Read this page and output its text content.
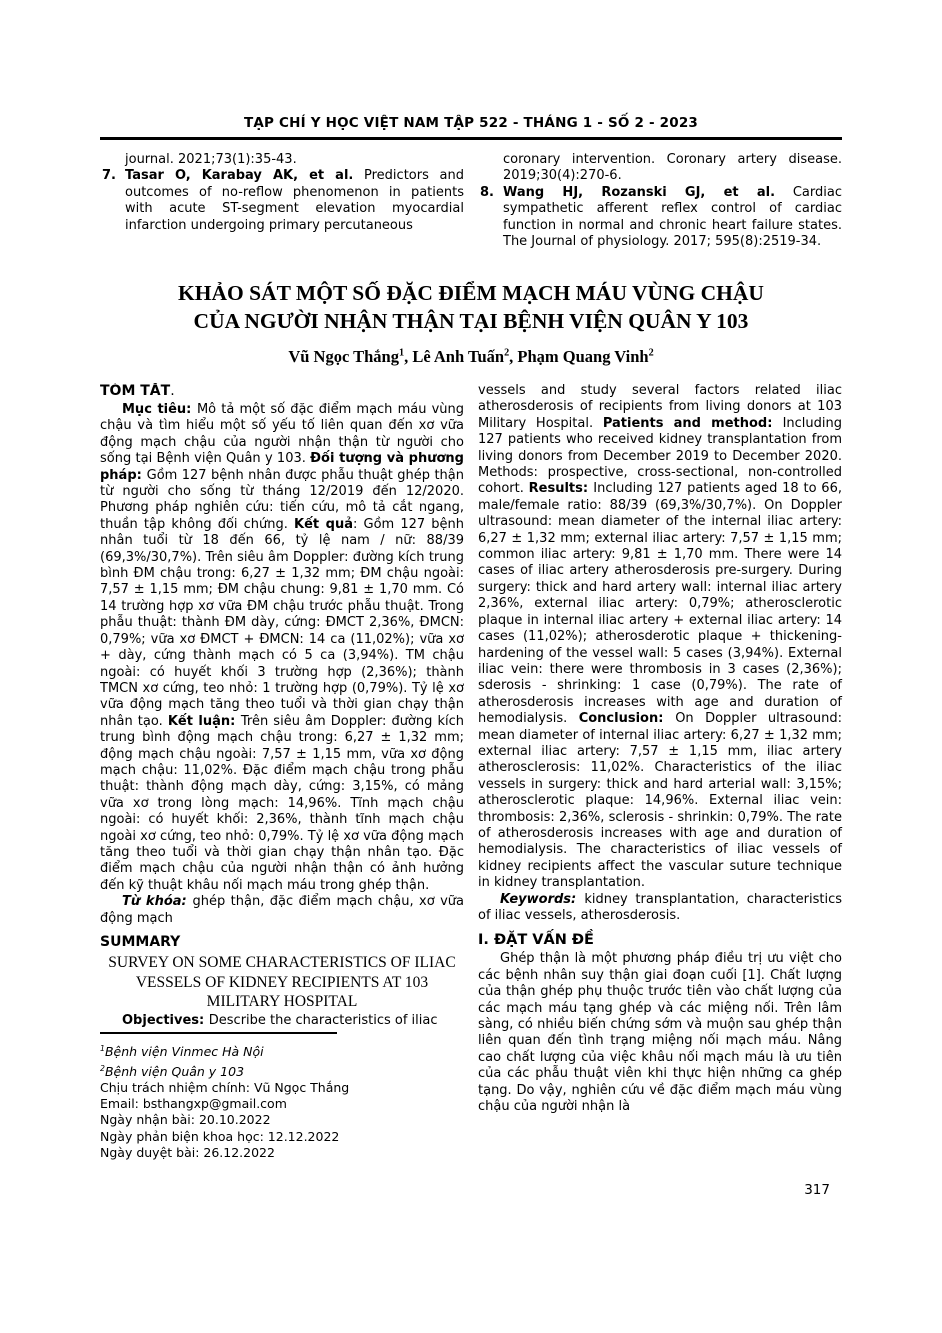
TẠP CHÍ Y HỌC VIỆT NAM TẬP 522 - THÁNG 1 - SỐ 2 - 2023

journal. 2021;73(1):35-43.

7. Tasar O, Karabay AK, et al. Predictors and outcomes of no-reflow phenomenon in patients with acute ST-segment elevation myocardial infarction undergoing primary percutaneous

coronary intervention. Coronary artery disease. 2019;30(4):270-6.

8. Wang HJ, Rozanski GJ, et al. Cardiac sympathetic afferent reflex control of cardiac function in normal and chronic heart failure states. The Journal of physiology. 2017; 595(8):2519-34.

KHẢO SÁT MỘT SỐ ĐẶC ĐIỂM MẠCH MÁU VÙNG CHẬU
CỦA NGƯỜI NHẬN THẬN TẠI BỆNH VIỆN QUÂN Y 103
Vũ Ngọc Thắng$^1$, Lê Anh Tuấn$^2$, Phạm Quang Vinh$^2$
TÓM TẮT.

Mục tiêu: Mô tả một số đặc điểm mạch máu vùng chậu và tìm hiểu một số yếu tố liên quan đến xơ vữa động mạch chậu của người nhận thận từ người cho sống tại Bệnh viện Quân y 103. Đối tượng và phương pháp: Gồm 127 bệnh nhân được phẫu thuật ghép thận từ người cho sống từ tháng 12/2019 đến 12/2020. Phương pháp nghiên cứu: tiến cứu, mô tả cắt ngang, thuần tập không đối chứng. Kết quả: Gồm 127 bệnh nhân tuổi từ 18 đến 66, tỷ lệ nam / nữ: 88/39 (69,3%/30,7%). Trên siêu âm Doppler: đường kích trung bình ĐM chậu trong: 6,27 ± 1,32 mm; ĐM chậu ngoài: 7,57 ± 1,15 mm; ĐM chậu chung: 9,81 ± 1,70 mm. Có 14 trường hợp xơ vữa ĐM chậu trước phẫu thuật. Trong phẫu thuật: thành ĐM dày, cứng: ĐMCT 2,36%, ĐMCN: 0,79%; vữa xơ ĐMCT + ĐMCN: 14 ca (11,02%); vữa xơ + dày, cứng thành mạch có 5 ca (3,94%). TM chậu ngoài: có huyết khối 3 trường hợp (2,36%); thành TMCN xơ cứng, teo nhỏ: 1 trường hợp (0,79%). Tỷ lệ xơ vữa động mạch tăng theo tuổi và thời gian chạy thận nhân tạo. Kết luận: Trên siêu âm Doppler: đường kích trung bình động mạch chậu trong: 6,27 ± 1,32 mm; động mạch chậu ngoài: 7,57 ± 1,15 mm, vữa xơ động mạch chậu: 11,02%. Đặc điểm mạch chậu trong phẫu thuật: thành động mạch dày, cứng: 3,15%, có mảng vữa xơ trong lòng mạch: 14,96%. Tĩnh mạch chậu ngoài: có huyết khối: 2,36%, thành tĩnh mạch chậu ngoài xơ cứng, teo nhỏ: 0,79%. Tỷ lệ xơ vữa động mạch tăng theo tuổi và thời gian chạy thận nhân tạo. Đặc điểm mạch chậu của người nhận thận có ảnh hưởng đến kỹ thuật khâu nối mạch máu trong ghép thận.

Từ khóa: ghép thận, đặc điểm mạch chậu, xơ vữa động mạch

SUMMARY
SURVEY ON SOME CHARACTERISTICS OF ILIAC VESSELS OF KIDNEY RECIPIENTS AT 103 MILITARY HOSPITAL

Objectives: Describe the characteristics of iliac

$^1$Bệnh viện Vinmec Hà Nội

$^2$Bệnh viện Quân y 103

Chịu trách nhiệm chính: Vũ Ngọc Thắng

Email: bsthangxp@gmail.com

Ngày nhận bài: 20.10.2022

Ngày phản biện khoa học: 12.12.2022

Ngày duyệt bài: 26.12.2022

vessels and study several factors related iliac atherosderosis of recipients from living donors at 103 Military Hospital. Patients and method: Including 127 patients who received kidney transplantation from living donors from December 2019 to December 2020. Methods: prospective, cross-sectional, non-controlled cohort. Results: Including 127 patients aged 18 to 66, male/female ratio: 88/39 (69,3%/30,7%). On Doppler ultrasound: mean diameter of the internal iliac artery: 6,27 ± 1,32 mm; external iliac artery: 7,57 ± 1,15 mm; common iliac artery: 9,81 ± 1,70 mm. There were 14 cases of iliac artery atherosderosis pre-surgery. During surgery: thick and hard artery wall: internal iliac artery 2,36%, external iliac artery: 0,79%; atherosclerotic plaque in internal iliac artery + external iliac artery: 14 cases (11,02%); atherosderotic plaque + thickening-hardening of the vessel wall: 5 cases (3,94%). External iliac vein: there were thrombosis in 3 cases (2,36%); sderosis - shrinking: 1 case (0,79%). The rate of atherosderosis increases with age and duration of hemodialysis. Conclusion: On Doppler ultrasound: mean diameter of internal iliac artery: 6,27 ± 1,32 mm; external iliac artery: 7,57 ± 1,15 mm, iliac artery atherosclerosis: 11,02%. Characteristics of the iliac vessels in surgery: thick and hard arterial wall: 3,15%; atherosclerotic plaque: 14,96%. External iliac vein: thrombosis: 2,36%, sclerosis - shrinkin: 0,79%. The rate of atherosderosis increases with age and duration of hemodialysis. The characteristics of iliac vessels of kidney recipients affect the vascular suture technique in kidney transplantation.

Keywords: kidney transplantation, characteristics of iliac vessels, atherosderosis.

I. ĐẶT VẤN ĐỀ

Ghép thận là một phương pháp điều trị ưu việt cho các bệnh nhân suy thận giai đoạn cuối [1]. Chất lượng của thận ghép phụ thuộc trước tiên vào chất lượng của các mạch máu tạng ghép và các miệng nối. Trên lâm sàng, có nhiều biến chứng sớm và muộn sau ghép thận liên quan đến tình trạng miệng nối mạch máu. Nâng cao chất lượng của việc khâu nối mạch máu là ưu tiên của các phẫu thuật viên khi thực hiện những ca ghép tạng. Do vậy, nghiên cứu về đặc điểm mạch máu vùng chậu của người nhận là

317
